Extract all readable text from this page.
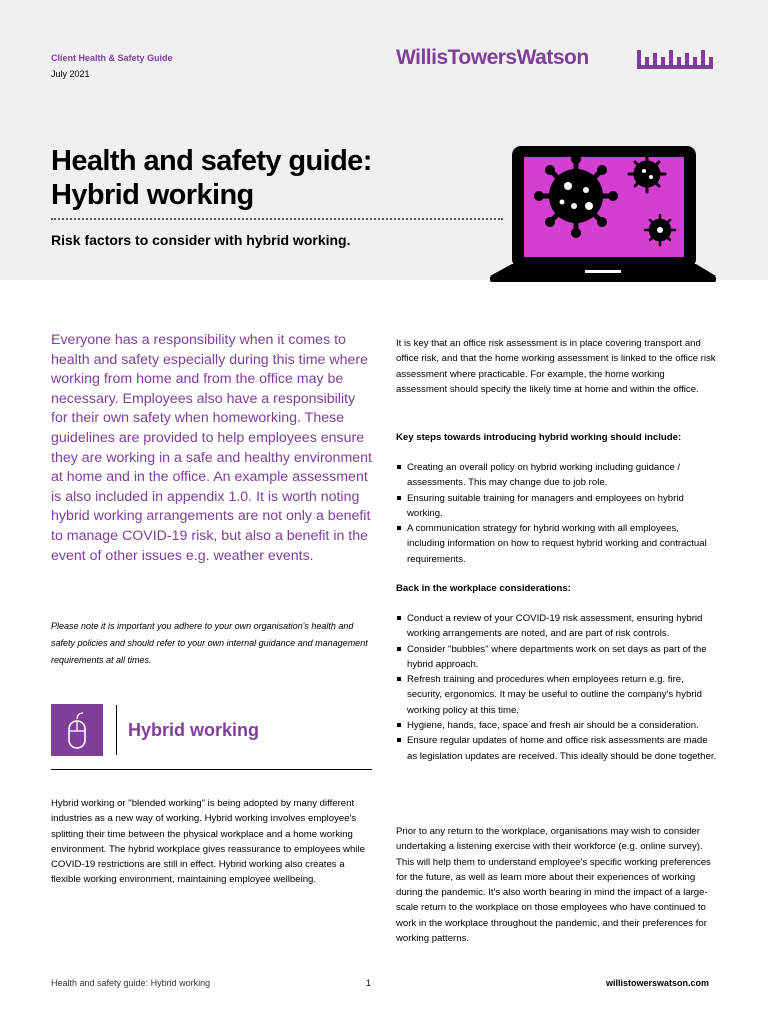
Client Health & Safety Guide
July 2021
WillisTowersWatson
Health and safety guide:
Hybrid working
Risk factors to consider with hybrid working.
Everyone has a responsibility when it comes to health and safety especially during this time where working from home and from the office may be necessary. Employees also have a responsibility for their own safety when homeworking. These guidelines are provided to help employees ensure they are working in a safe and healthy environment at home and in the office. An example assessment is also included in appendix 1.0. It is worth noting hybrid working arrangements are not only a benefit to manage COVID-19 risk, but also a benefit in the event of other issues e.g. weather events.
Please note it is important you adhere to your own organisation's health and safety policies and should refer to your own internal guidance and management requirements at all times.
Hybrid working
Hybrid working or "blended working" is being adopted by many different industries as a new way of working. Hybrid working involves employee's splitting their time between the physical workplace and a home working environment. The hybrid workplace gives reassurance to employees while COVID-19 restrictions are still in effect. Hybrid working also creates a flexible working environment, maintaining employee wellbeing.
It is key that an office risk assessment is in place covering transport and office risk, and that the home working assessment is linked to the office risk assessment where practicable. For example, the home working assessment should specify the likely time at home and within the office.
Key steps towards introducing hybrid working should include:
Creating an overall policy on hybrid working including guidance / assessments. This may change due to job role.
Ensuring suitable training for managers and employees on hybrid working.
A communication strategy for hybrid working with all employees, including information on how to request hybrid working and contractual requirements.
Back in the workplace considerations:
Conduct a review of your COVID-19 risk assessment, ensuring hybrid working arrangements are noted, and are part of risk controls.
Consider "bubbles" where departments work on set days as part of the hybrid approach.
Refresh training and procedures when employees return e.g. fire, security, ergonomics. It may be useful to outline the company's hybrid working policy at this time.
Hygiene, hands, face, space and fresh air should be a consideration.
Ensure regular updates of home and office risk assessments are made as legislation updates are received. This ideally should be done together.
Prior to any return to the workplace, organisations may wish to consider undertaking a listening exercise with their workforce (e.g. online survey). This will help them to understand employee's specific working preferences for the future, as well as learn more about their experiences of working during the pandemic. It's also worth bearing in mind the impact of a large-scale return to the workplace on those employees who have continued to work in the workplace throughout the pandemic, and their preferences for working patterns.
Health and safety guide: Hybrid working	1	willistowerswatson.com
